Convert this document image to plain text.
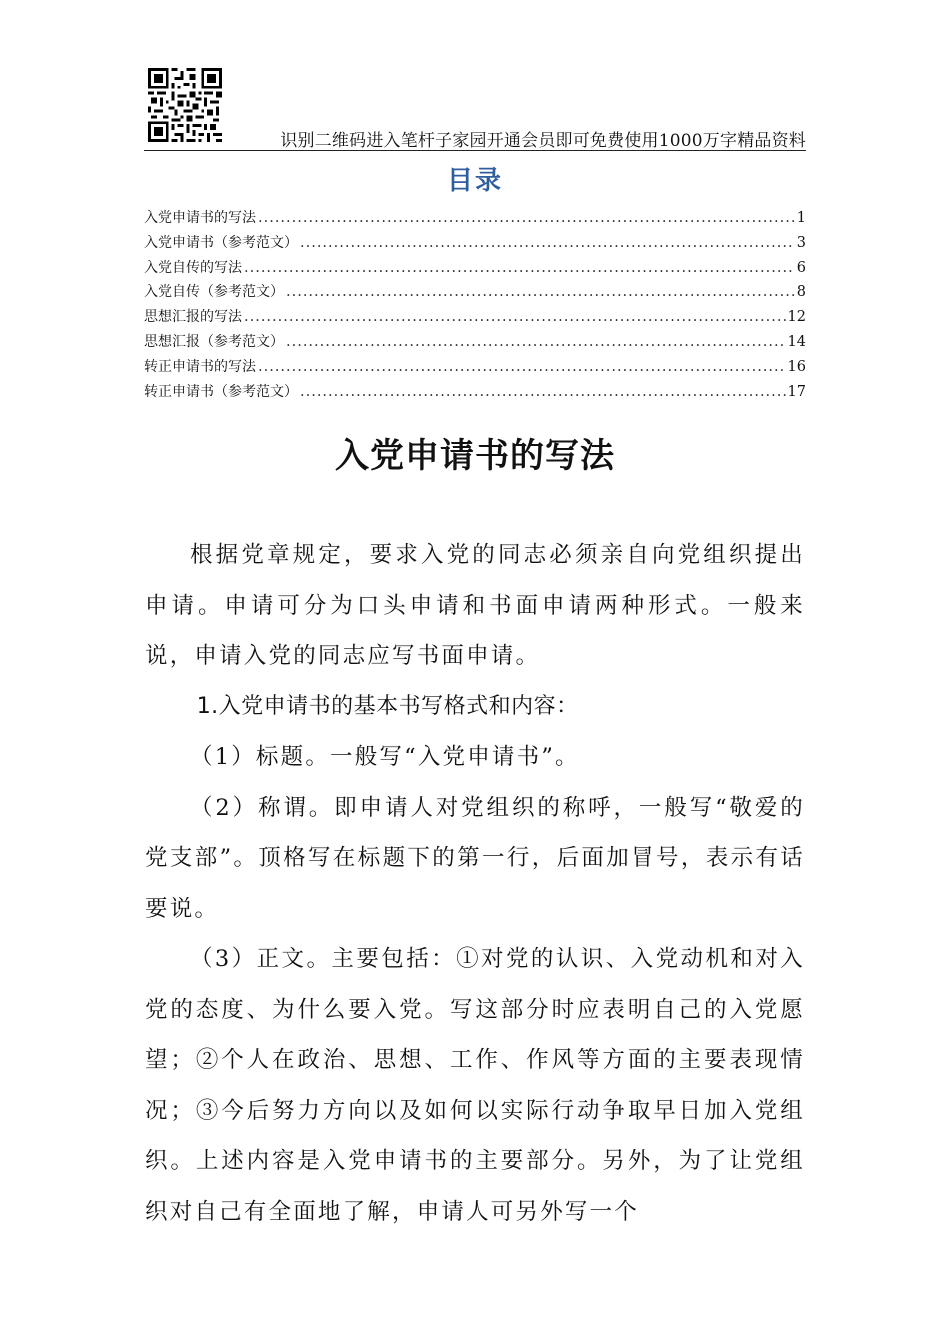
识别二维码进入笔杆子家园开通会员即可免费使用1000万字精品资料
目录
入党申请书的写法 .....	1
入党申请书（参考范文） .....	3
入党自传的写法 .....	6
入党自传（参考范文） .....	8
思想汇报的写法 .....	12
思想汇报（参考范文） .....	14
转正申请书的写法 .....	16
转正申请书（参考范文） .....	17
入党申请书的写法

根据党章规定，要求入党的同志必须亲自向党组织提出申请。申请可分为口头申请和书面申请两种形式。一般来说，申请入党的同志应写书面申请。

1.入党申请书的基本书写格式和内容：

（1）标题。一般写“入党申请书”。

（2）称谓。即申请人对党组织的称呼，一般写“敬爱的党支部”。顶格写在标题下的第一行，后面加冒号，表示有话要说。

（3）正文。主要包括：①对党的认识、入党动机和对入党的态度、为什么要入党。写这部分时应表明自己的入党愿望；②个人在政治、思想、工作、作风等方面的主要表现情况；③今后努力方向以及如何以实际行动争取早日加入党组织。上述内容是入党申请书的主要部分。另外，为了让党组织对自己有全面地了解，申请人可另外写一个
